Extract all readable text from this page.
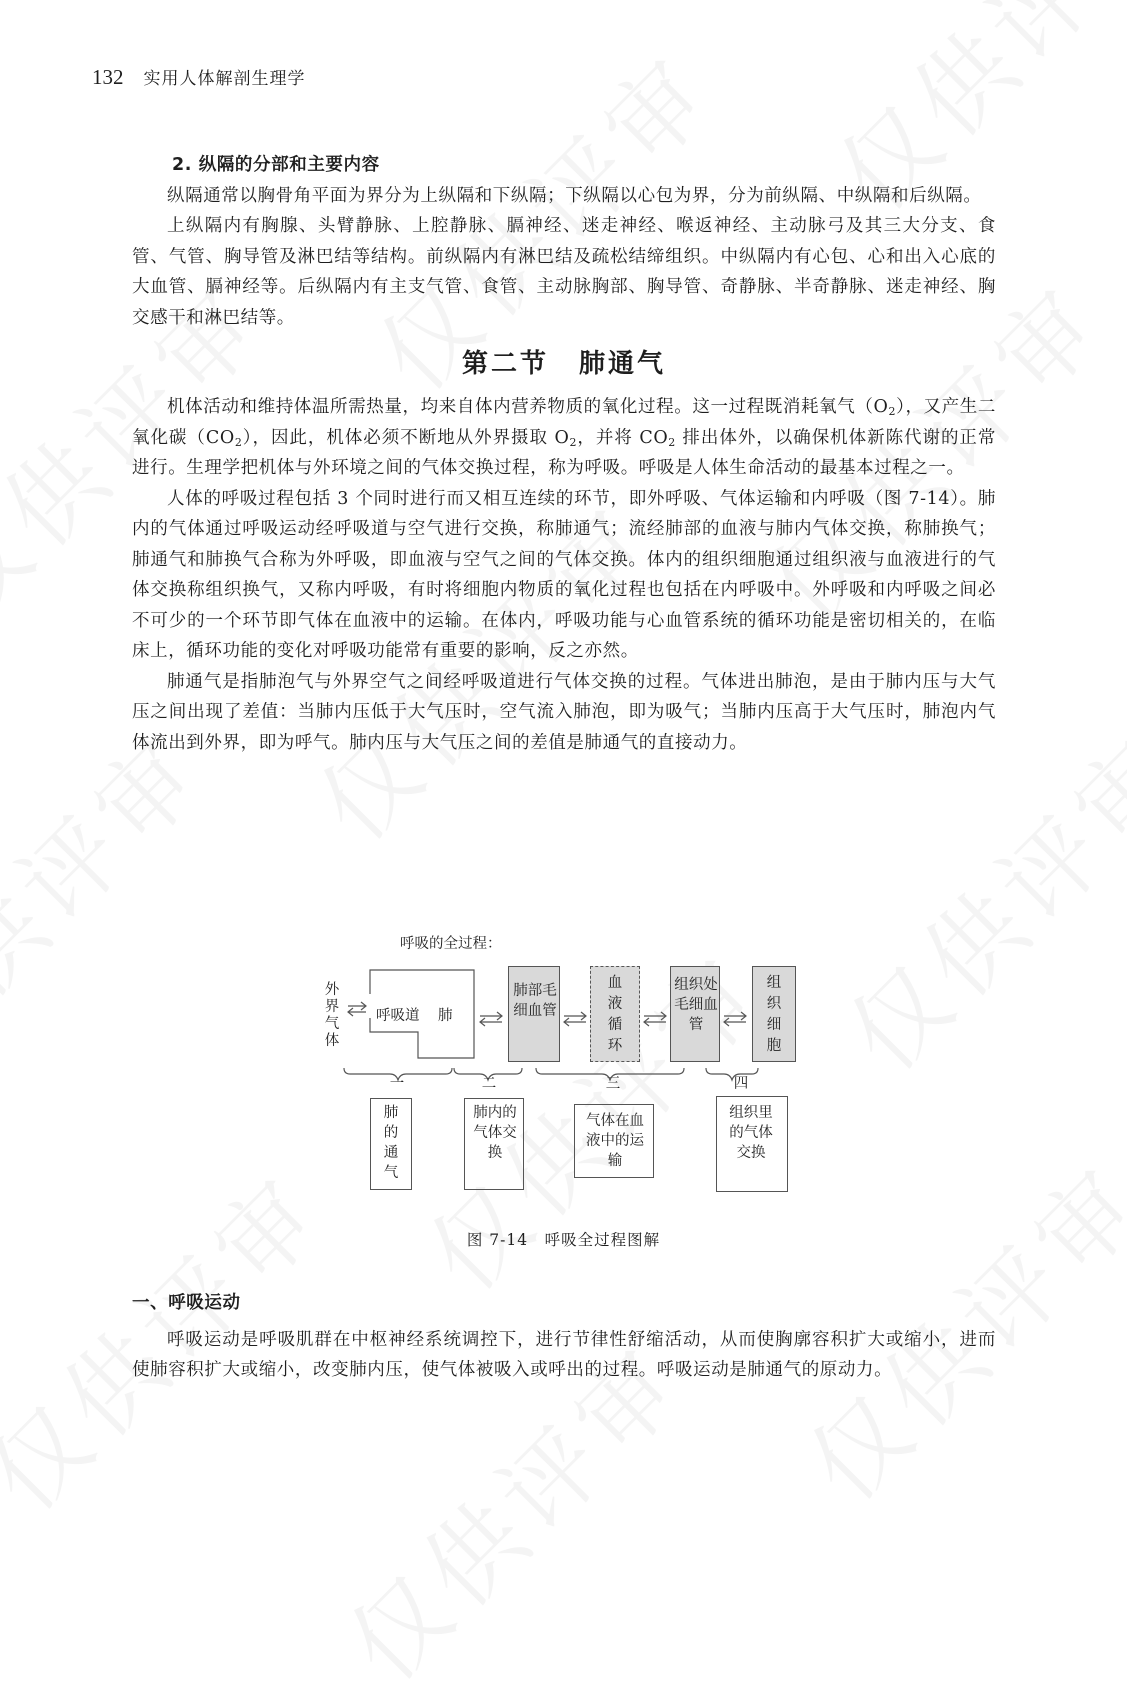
132 实用人体解剖生理学

2. 纵隔的分部和主要内容

纵隔通常以胸骨角平面为界分为上纵隔和下纵隔；下纵隔以心包为界，分为前纵隔、中纵隔和后纵隔。

上纵隔内有胸腺、头臂静脉、上腔静脉、膈神经、迷走神经、喉返神经、主动脉弓及其三大分支、食管、气管、胸导管及淋巴结等结构。前纵隔内有淋巴结及疏松结缔组织。中纵隔内有心包、心和出入心底的大血管、膈神经等。后纵隔内有主支气管、食管、主动脉胸部、胸导管、奇静脉、半奇静脉、迷走神经、胸交感干和淋巴结等。

第二节 肺通气

机体活动和维持体温所需热量，均来自体内营养物质的氧化过程。这一过程既消耗氧气$(O_2)$，又产生二氧化碳$(CO_2)$，因此，机体必须不断地从外界摄取 $O_2$，并将 $CO_2$ 排出体外，以确保机体新陈代谢的正常进行。生理学把机体与外环境之间的气体交换过程，称为呼吸。呼吸是人体生命活动的最基本过程之一。

人体的呼吸过程包括 3 个同时进行而又相互连续的环节，即外呼吸、气体运输和内呼吸（图 7-14）。肺内的气体通过呼吸运动经呼吸道与空气进行交换，称肺通气；流经肺部的血液与肺内气体交换，称肺换气；肺通气和肺换气合称为外呼吸，即血液与空气之间的气体交换。体内的组织细胞通过组织液与血液进行的气体交换称组织换气，又称内呼吸，有时将细胞内物质的氧化过程也包括在内呼吸中。外呼吸和内呼吸之间必不可少的一个环节即气体在血液中的运输。在体内，呼吸功能与心血管系统的循环功能是密切相关的，在临床上，循环功能的变化对呼吸功能常有重要的影响，反之亦然。

肺通气是指肺泡气与外界空气之间经呼吸道进行气体交换的过程。气体进出肺泡，是由于肺内压与大气压之间出现了差值：当肺内压低于大气压时，空气流入肺泡，即为吸气；当肺内压高于大气压时，肺泡内气体流出到外界，即为呼气。肺内压与大气压之间的差值是肺通气的直接动力。

呼吸的全过程：
外界气体
呼吸道 肺
肺部毛细血管
血液循环
组织处毛细血管
组织细胞
一	二	三	四
肺的通气
肺内的气体交换
气体在血液中的运输
组织里的气体交换
图 7-14　呼吸全过程图解

一、呼吸运动

呼吸运动是呼吸肌群在中枢神经系统调控下，进行节律性舒缩活动，从而使胸廓容积扩大或缩小，进而使肺容积扩大或缩小，改变肺内压，使气体被吸入或呼出的过程。呼吸运动是肺通气的原动力。
